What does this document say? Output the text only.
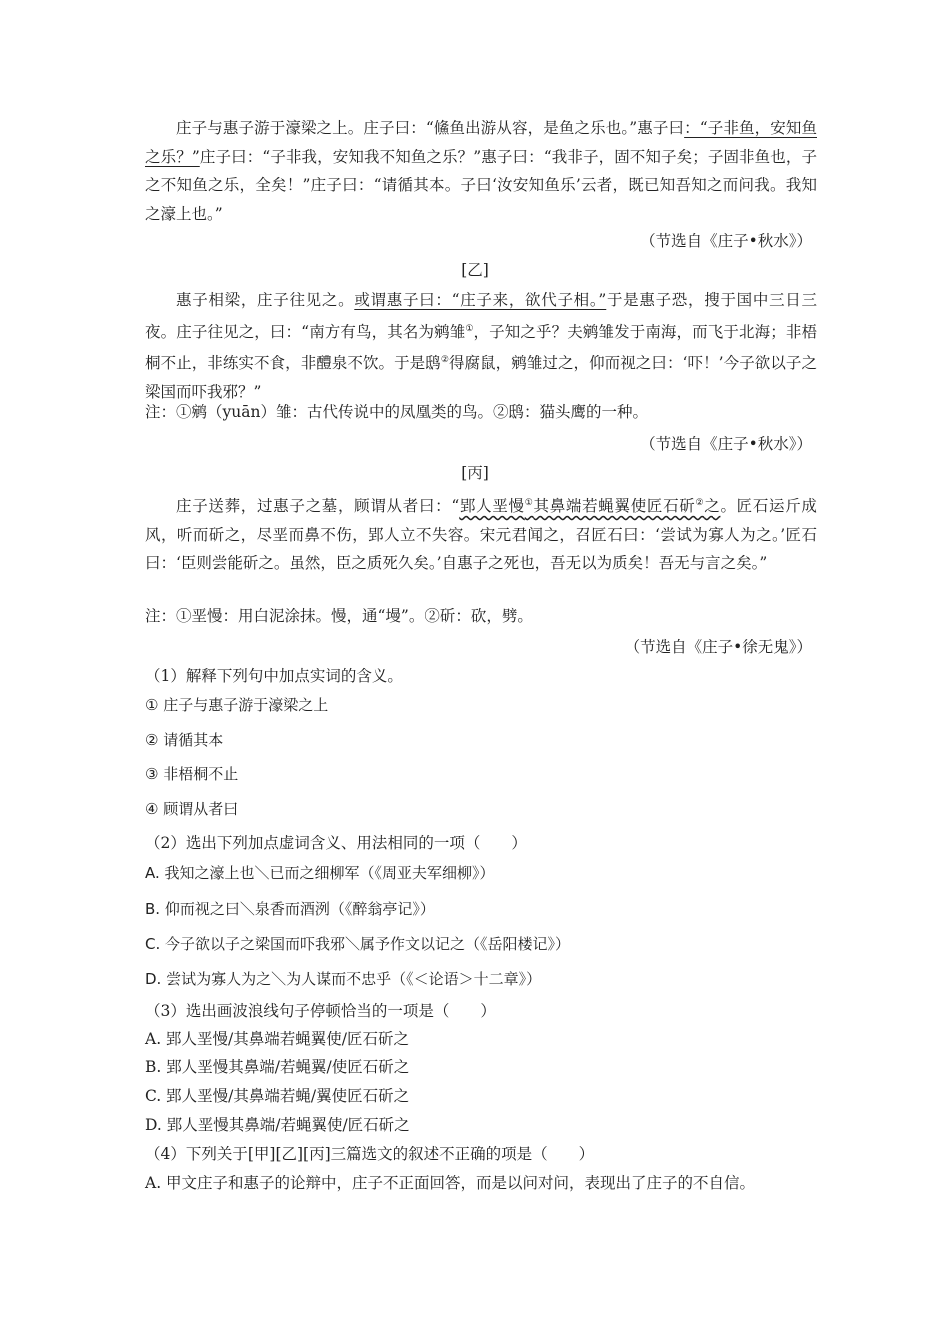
庄子与惠子游于濠梁之上。庄子曰：“鯈鱼出游从容，是鱼之乐也。”惠子曰：“子非鱼，安知鱼之乐？”庄子曰：“子非我，安知我不知鱼之乐？”惠子曰：“我非子，固不知子矣；子固非鱼也，子之不知鱼之乐，全矣！”庄子曰：“请循其本。子曰‘汝安知鱼乐’云者，既已知吾知之而问我。我知之濠上也。”

（节选自《庄子•秋水》）
[乙]

惠子相梁，庄子往见之。或谓惠子曰：“庄子来，欲代子相。”于是惠子恐，搜于国中三日三夜。庄子往见之，曰：“南方有鸟，其名为鹓雏①，子知之乎？夫鹓雏发于南海，而飞于北海；非梧桐不止，非练实不食，非醴泉不饮。于是鸱②得腐鼠，鹓雏过之，仰而视之曰：‘吓！’今子欲以子之梁国而吓我邪？”

注：①鹓（yuān）雏：古代传说中的凤凰类的鸟。②鸱：猫头鹰的一种。
（节选自《庄子•秋水》）
[丙]

庄子送葬，过惠子之墓，顾谓从者曰：“郢人垩慢①其鼻端若蝇翼使匠石斫②之。匠石运斤成风，听而斫之，尽垩而鼻不伤，郢人立不失容。宋元君闻之，召匠石曰：‘尝试为寡人为之。’匠石曰：‘臣则尝能斫之。虽然，臣之质死久矣。’自惠子之死也，吾无以为质矣！吾无与言之矣。”

注：①垩慢：用白泥涂抹。慢，通“墁”。②斫：砍，劈。
（节选自《庄子•徐无鬼》）
（1）解释下列句中加点实词的含义。
① 庄子与惠子游于濠梁之上
② 请循其本
③ 非梧桐不止
④ 顾谓从者曰
（2）选出下列加点虚词含义、用法相同的一项（　　）
A. 我知之濠上也＼已而之细柳军（《周亚夫军细柳》）
B. 仰而视之曰＼泉香而酒洌（《醉翁亭记》）
C. 今子欲以子之梁国而吓我邪＼属予作文以记之（《岳阳楼记》）
D. 尝试为寡人为之＼为人谋而不忠乎（《＜论语＞十二章》）
（3）选出画波浪线句子停顿恰当的一项是（　　）
A. 郢人垩慢/其鼻端若蝇翼使/匠石斫之
B. 郢人垩慢其鼻端/若蝇翼/使匠石斫之
C. 郢人垩慢/其鼻端若蝇/翼使匠石斫之
D. 郢人垩慢其鼻端/若蝇翼使/匠石斫之
（4）下列关于[甲][乙][丙]三篇选文的叙述不正确的项是（　　）
A. 甲文庄子和惠子的论辩中，庄子不正面回答，而是以问对问，表现出了庄子的不自信。
